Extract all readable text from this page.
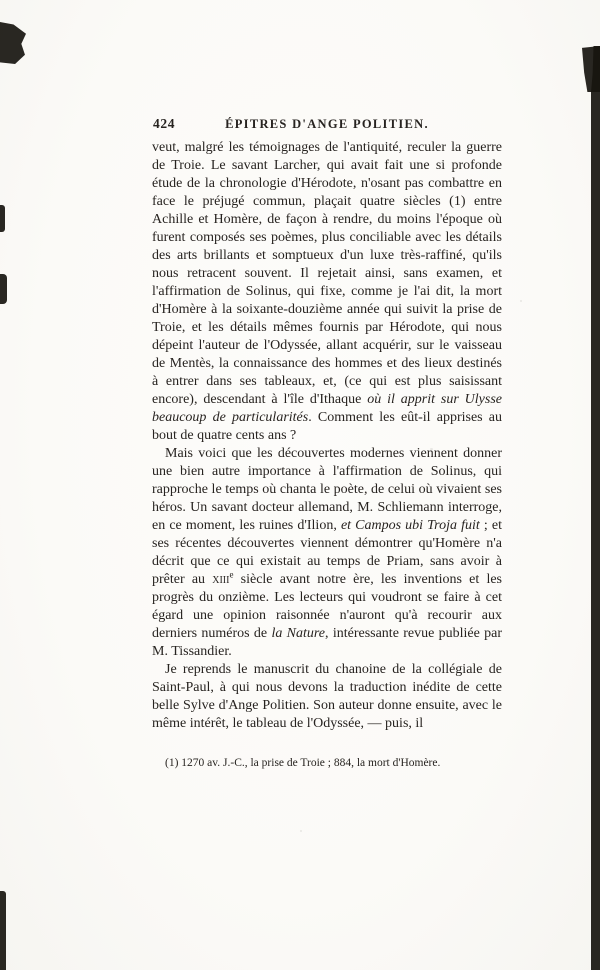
424	ÉPITRES D'ANGE POLITIEN.

veut, malgré les témoignages de l'antiquité, reculer la guerre de Troie. Le savant Larcher, qui avait fait une si profonde étude de la chronologie d'Hérodote, n'osant pas combattre en face le préjugé commun, plaçait quatre siècles (1) entre Achille et Homère, de façon à rendre, du moins l'époque où furent composés ses poèmes, plus conciliable avec les détails des arts brillants et somptueux d'un luxe très-raffiné, qu'ils nous retracent souvent. Il rejetait ainsi, sans examen, et l'affirmation de Solinus, qui fixe, comme je l'ai dit, la mort d'Homère à la soixante-douzième année qui suivit la prise de Troie, et les détails mêmes fournis par Hérodote, qui nous dépeint l'auteur de l'Odyssée, allant acquérir, sur le vaisseau de Mentès, la connaissance des hommes et des lieux destinés à entrer dans ses tableaux, et, (ce qui est plus saisissant encore), descendant à l'île d'Ithaque où il apprit sur Ulysse beaucoup de particularités. Comment les eût-il apprises au bout de quatre cents ans ?

Mais voici que les découvertes modernes viennent donner une bien autre importance à l'affirmation de Solinus, qui rapproche le temps où chanta le poète, de celui où vivaient ses héros. Un savant docteur allemand, M. Schliemann interroge, en ce moment, les ruines d'Ilion, et Campos ubi Troja fuit ; et ses récentes découvertes viennent démontrer qu'Homère n'a décrit que ce qui existait au temps de Priam, sans avoir à prêter au xiii$^e$ siècle avant notre ère, les inventions et les progrès du onzième. Les lecteurs qui voudront se faire à cet égard une opinion raisonnée n'auront qu'à recourir aux derniers numéros de la Nature, intéressante revue publiée par M. Tissandier.

Je reprends le manuscrit du chanoine de la collégiale de Saint-Paul, à qui nous devons la traduction inédite de cette belle Sylve d'Ange Politien. Son auteur donne ensuite, avec le même intérêt, le tableau de l'Odyssée, — puis, il

(1) 1270 av. J.-C., la prise de Troie ; 884, la mort d'Homère.
